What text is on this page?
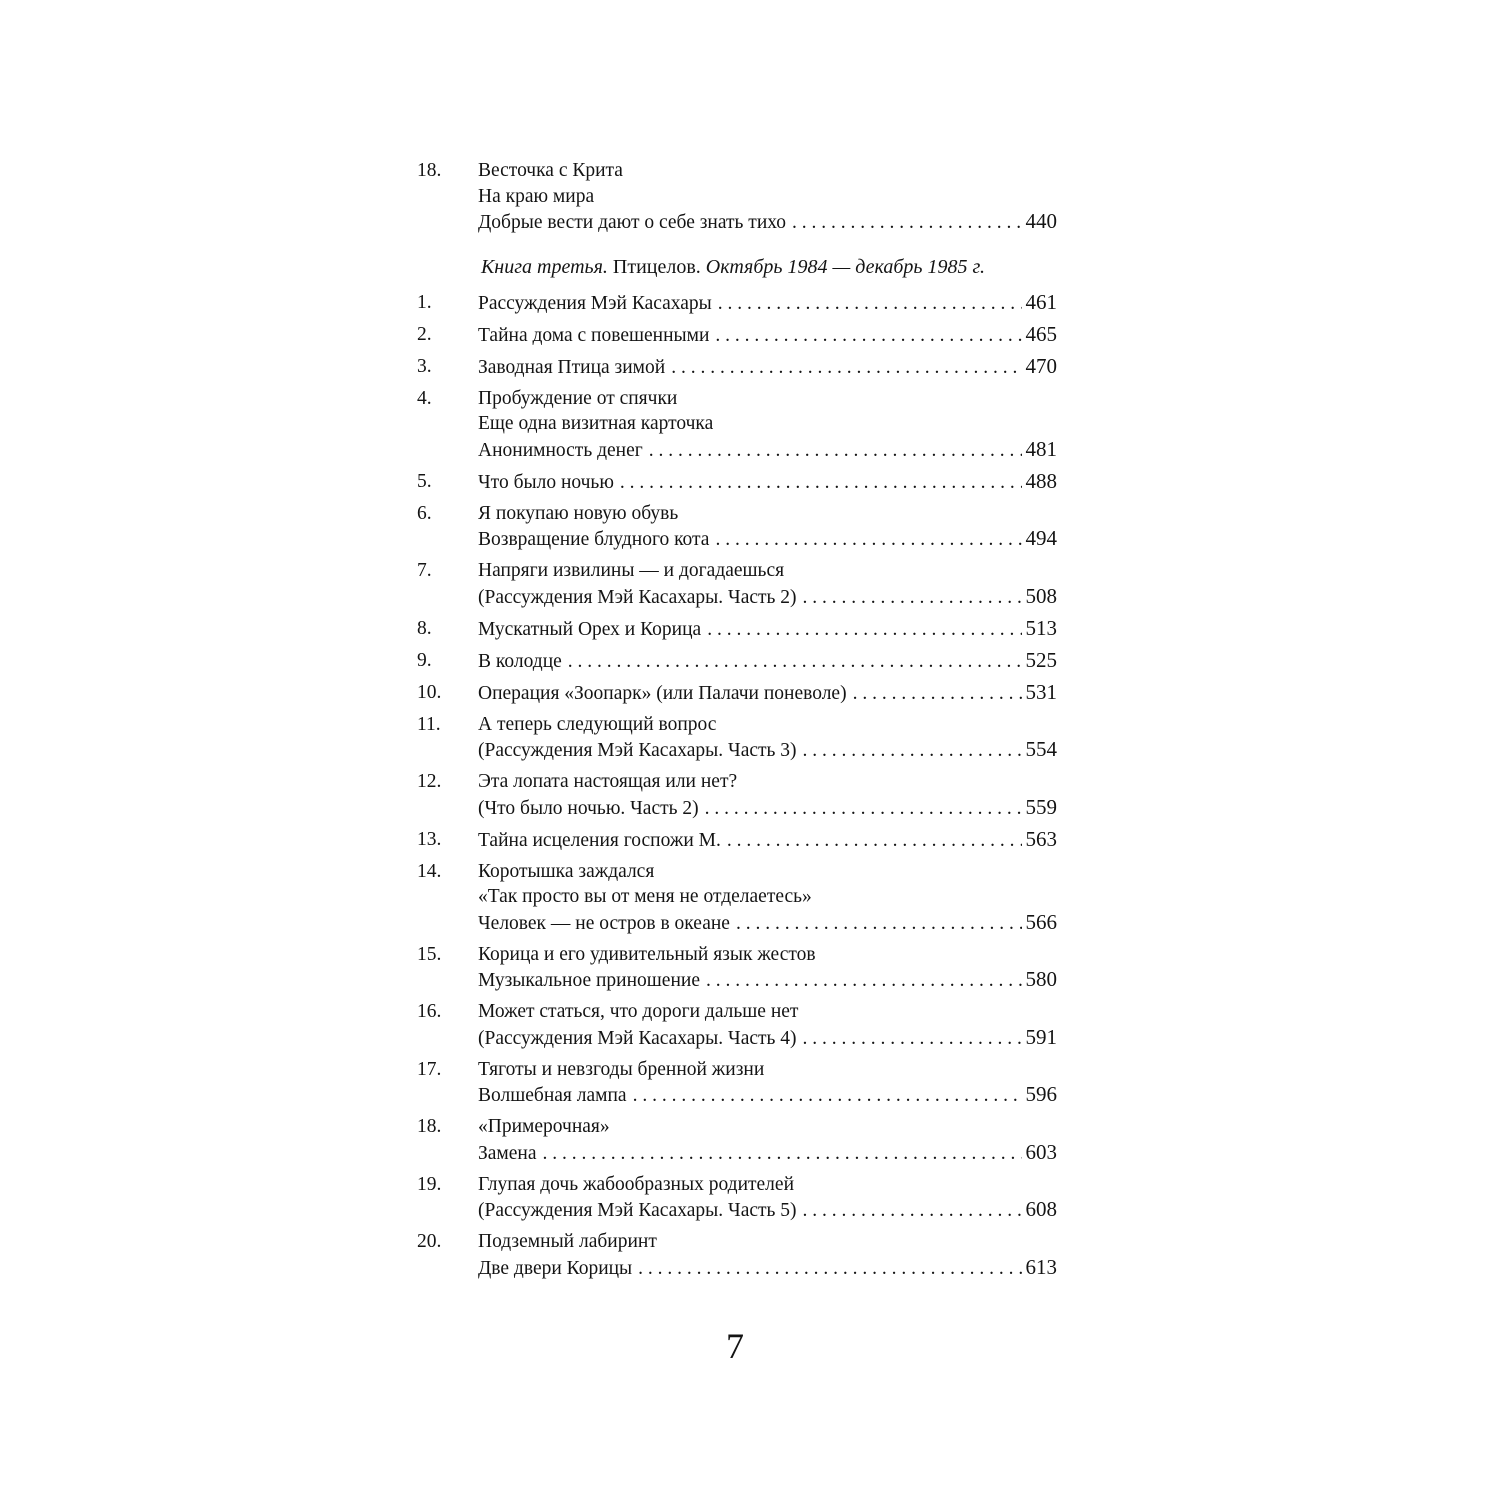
18.	Весточка с Крита
На краю мира
Добрые вести дают о себе знать тихо . . .	440
Книга третья. Птицелов. Октябрь 1984 — декабрь 1985 г.
1.	Рассуждения Мэй Касахары . . .	461
2.	Тайна дома с повешенными . . .	465
3.	Заводная Птица зимой . . .	470
4.	Пробуждение от спячки
Еще одна визитная карточка
Анонимность денег . . .	481
5.	Что было ночью . . .	488
6.	Я покупаю новую обувь
Возвращение блудного кота . . .	494
7.	Напряги извилины — и догадаешься
(Рассуждения Мэй Касахары. Часть 2) . . .	508
8.	Мускатный Орех и Корица . . .	513
9.	В колодце . . .	525
10.	Операция «Зоопарк» (или Палачи поневоле) . . .	531
11.	А теперь следующий вопрос
(Рассуждения Мэй Касахары. Часть 3) . . .	554
12.	Эта лопата настоящая или нет?
(Что было ночью. Часть 2) . . .	559
13.	Тайна исцеления госпожи М. . . .	563
14.	Коротышка заждался
«Так просто вы от меня не отделаетесь»
Человек — не остров в океане . . .	566
15.	Корица и его удивительный язык жестов
Музыкальное приношение . . .	580
16.	Может статься, что дороги дальше нет
(Рассуждения Мэй Касахары. Часть 4) . . .	591
17.	Тяготы и невзгоды бренной жизни
Волшебная лампа . . .	596
18.	«Примерочная»
Замена . . .	603
19.	Глупая дочь жабообразных родителей
(Рассуждения Мэй Касахары. Часть 5) . . .	608
20.	Подземный лабиринт
Две двери Корицы . . .	613
7
